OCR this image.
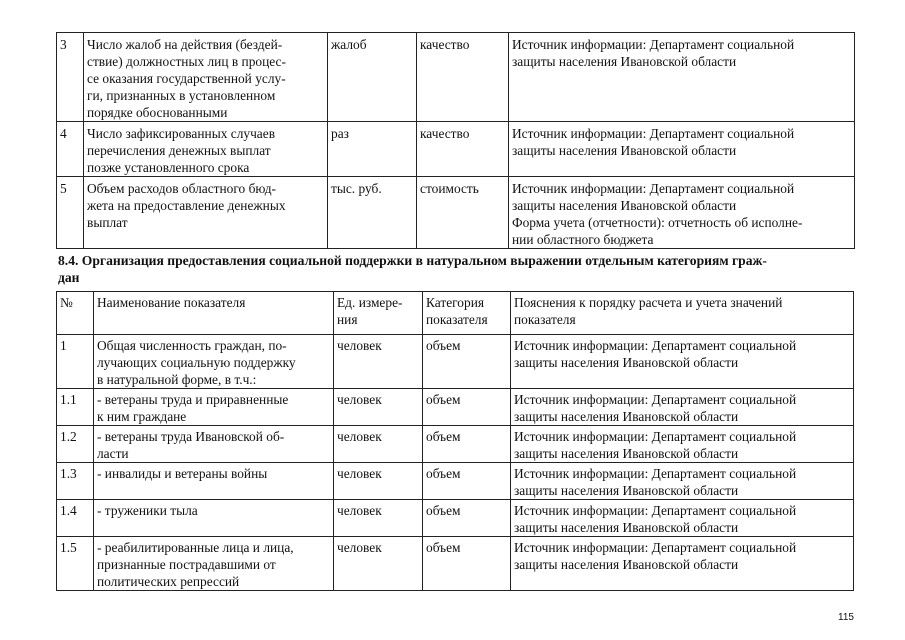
3	Число жалоб на действия (бездей-
ствие) должностных лиц в процес-
се оказания государственной услу-
ги, признанных в установленном
порядке обоснованными	жалоб	качество	Источник информации: Департамент социальной
защиты населения Ивановской области
4	Число зафиксированных случаев
перечисления денежных выплат
позже установленного срока	раз	качество	Источник информации: Департамент социальной
защиты населения Ивановской области
5	Объем расходов областного бюд-
жета на предоставление денежных
выплат	тыс. руб.	стоимость	Источник информации: Департамент социальной
защиты населения Ивановской области
Форма учета (отчетности): отчетность об исполне-
нии областного бюджета
8.4. Организация предоставления социальной поддержки в натуральном выражении отдельным категориям граж-
дан
№	Наименование показателя	Ед. измере-
ния	Категория
показателя	Пояснения к порядку расчета и учета значений
показателя
1	Общая численность граждан, по-
лучающих социальную поддержку
в натуральной форме, в т.ч.:	человек	объем	Источник информации: Департамент социальной
защиты населения Ивановской области
1.1	- ветераны труда и приравненные
к ним граждане	человек	объем	Источник информации: Департамент социальной
защиты населения Ивановской области
1.2	- ветераны труда Ивановской об-
ласти	человек	объем	Источник информации: Департамент социальной
защиты населения Ивановской области
1.3	- инвалиды и ветераны войны	человек	объем	Источник информации: Департамент социальной
защиты населения Ивановской области
1.4	- труженики тыла	человек	объем	Источник информации: Департамент социальной
защиты населения Ивановской области
1.5	- реабилитированные лица и лица,
признанные пострадавшими от
политических репрессий	человек	объем	Источник информации: Департамент социальной
защиты населения Ивановской области
115
